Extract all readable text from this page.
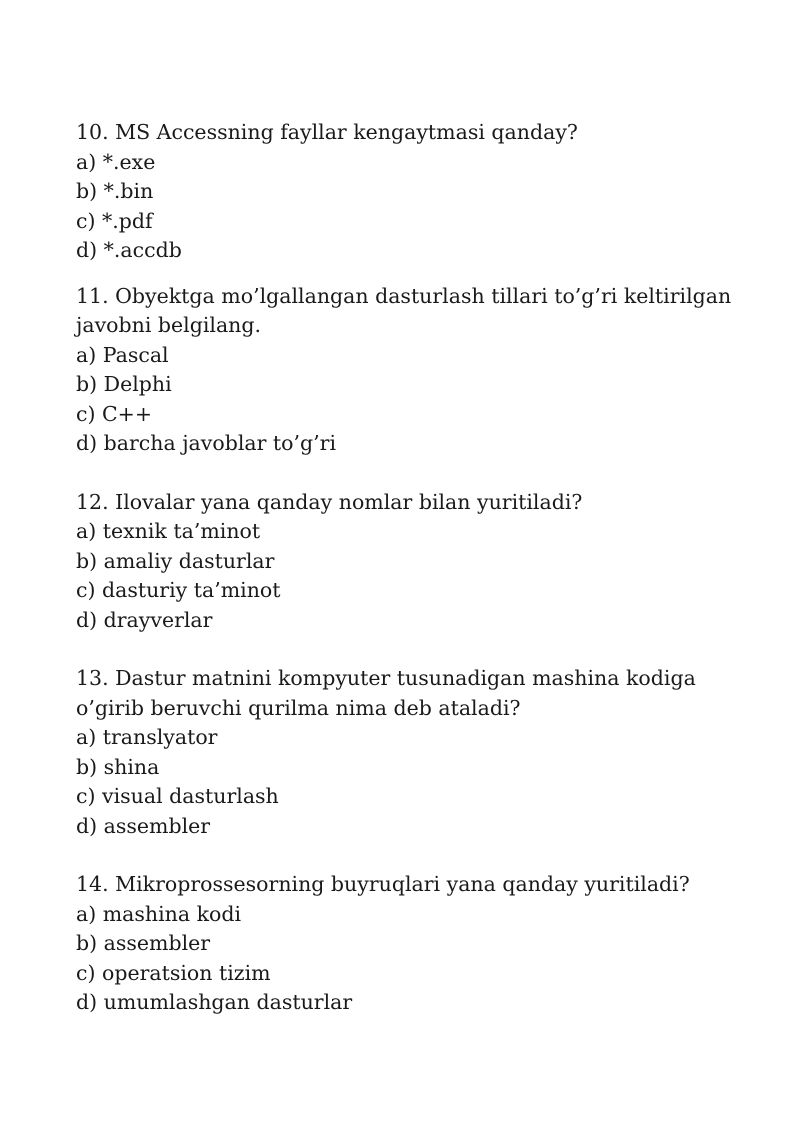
10. MS Accessning fayllar kengaytmasi qanday?

a) *.exe
b) *.bin
c) *.pdf
d) *.accdb

11. Obyektga mo’lgallangan dasturlash tillari to’g’ri keltirilgan javobni belgilang.

a) Pascal
b) Delphi
c) C++
d) barcha javoblar to’g’ri

12. Ilovalar yana qanday nomlar bilan yuritiladi?

a) texnik ta’minot
b) amaliy dasturlar
c) dasturiy ta’minot
d) drayverlar

13. Dastur matnini kompyuter tusunadigan mashina kodiga o’girib beruvchi qurilma nima deb ataladi?

a) translyator
b) shina
c) visual dasturlash
d) assembler

14. Mikroprossesorning buyruqlari yana qanday yuritiladi?

a) mashina kodi
b) assembler
c) operatsion tizim
d) umumlashgan dasturlar
